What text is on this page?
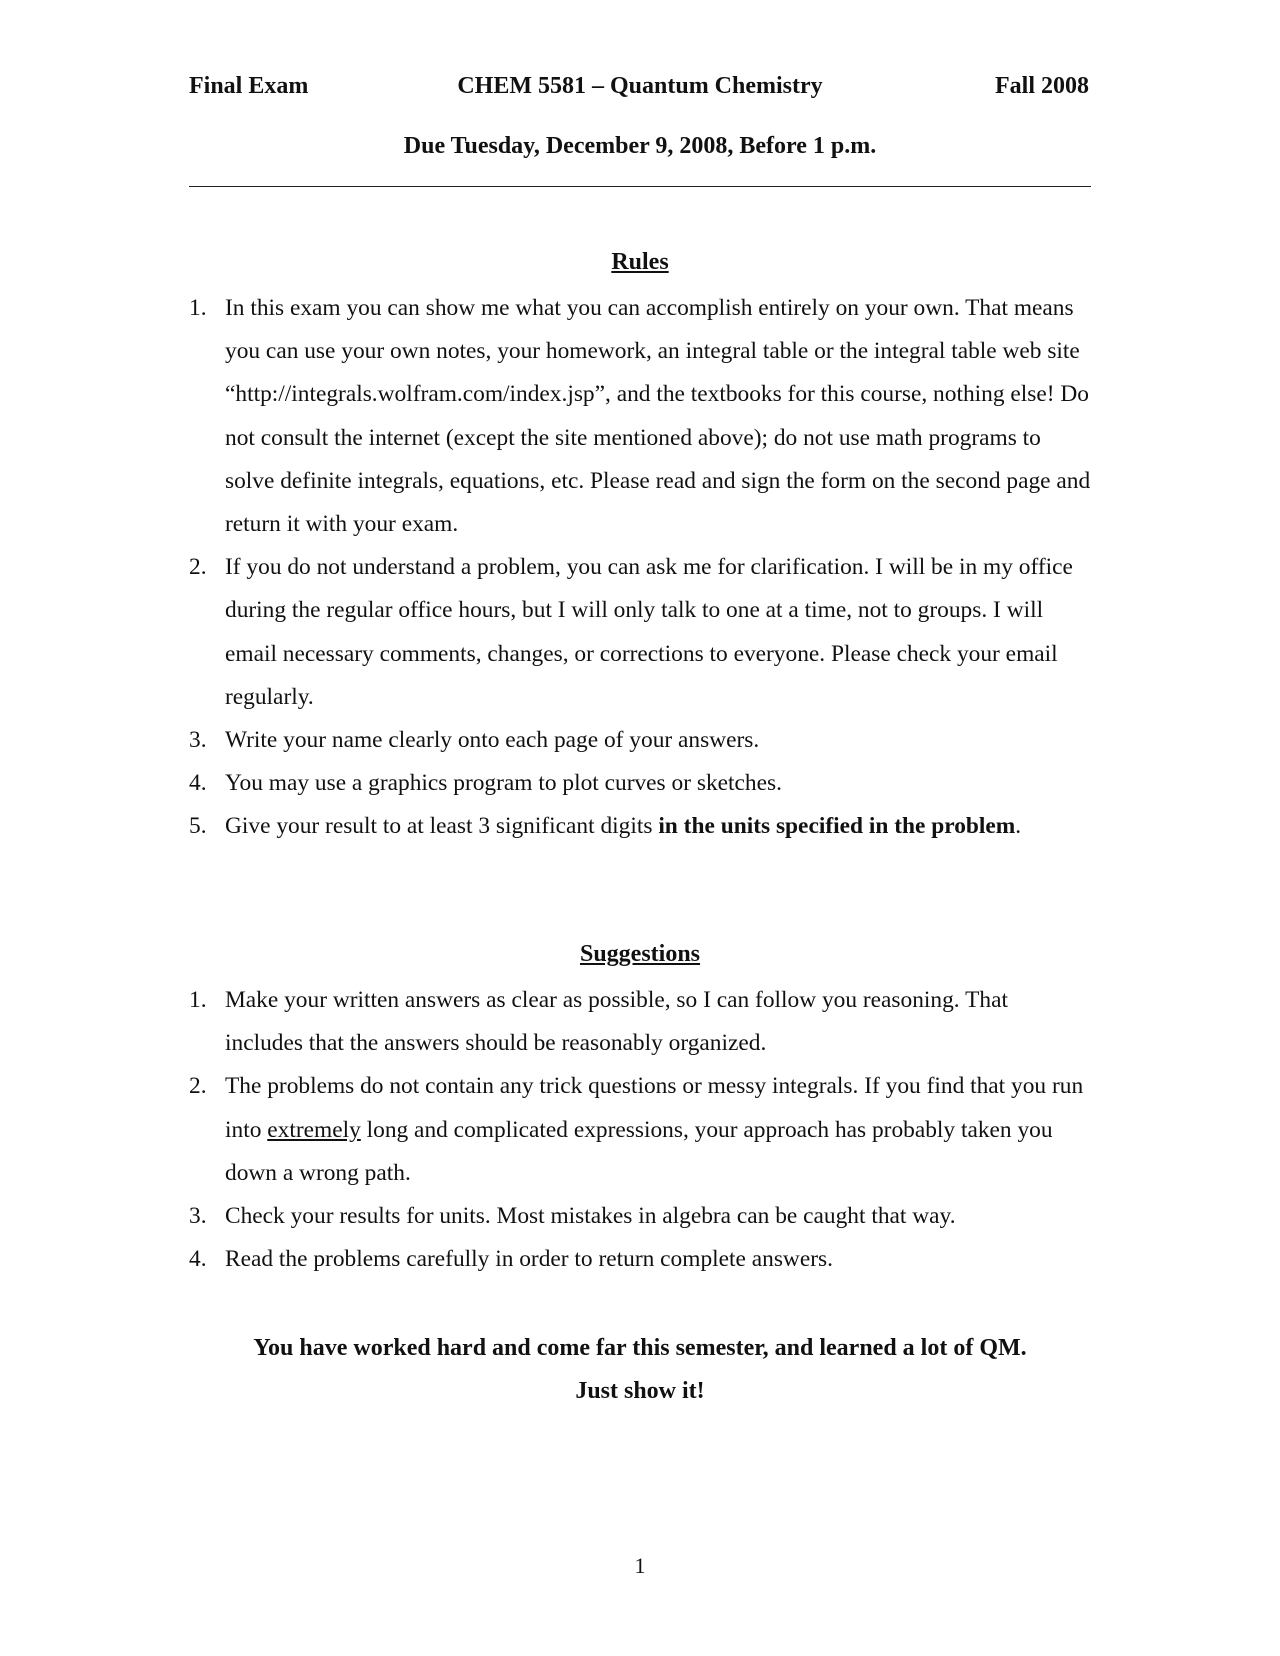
Final Exam	CHEM 5581 – Quantum Chemistry	Fall 2008
Due Tuesday, December 9, 2008, Before 1 p.m.
Rules
1. In this exam you can show me what you can accomplish entirely on your own. That means you can use your own notes, your homework, an integral table or the integral table web site “http://integrals.wolfram.com/index.jsp”, and the textbooks for this course, nothing else! Do not consult the internet (except the site mentioned above); do not use math programs to solve definite integrals, equations, etc. Please read and sign the form on the second page and return it with your exam.
2. If you do not understand a problem, you can ask me for clarification. I will be in my office during the regular office hours, but I will only talk to one at a time, not to groups. I will email necessary comments, changes, or corrections to everyone. Please check your email regularly.
3. Write your name clearly onto each page of your answers.
4. You may use a graphics program to plot curves or sketches.
5. Give your result to at least 3 significant digits in the units specified in the problem.
Suggestions
1. Make your written answers as clear as possible, so I can follow you reasoning. That includes that the answers should be reasonably organized.
2. The problems do not contain any trick questions or messy integrals. If you find that you run into extremely long and complicated expressions, your approach has probably taken you down a wrong path.
3. Check your results for units. Most mistakes in algebra can be caught that way.
4. Read the problems carefully in order to return complete answers.
You have worked hard and come far this semester, and learned a lot of QM.
Just show it!
1
